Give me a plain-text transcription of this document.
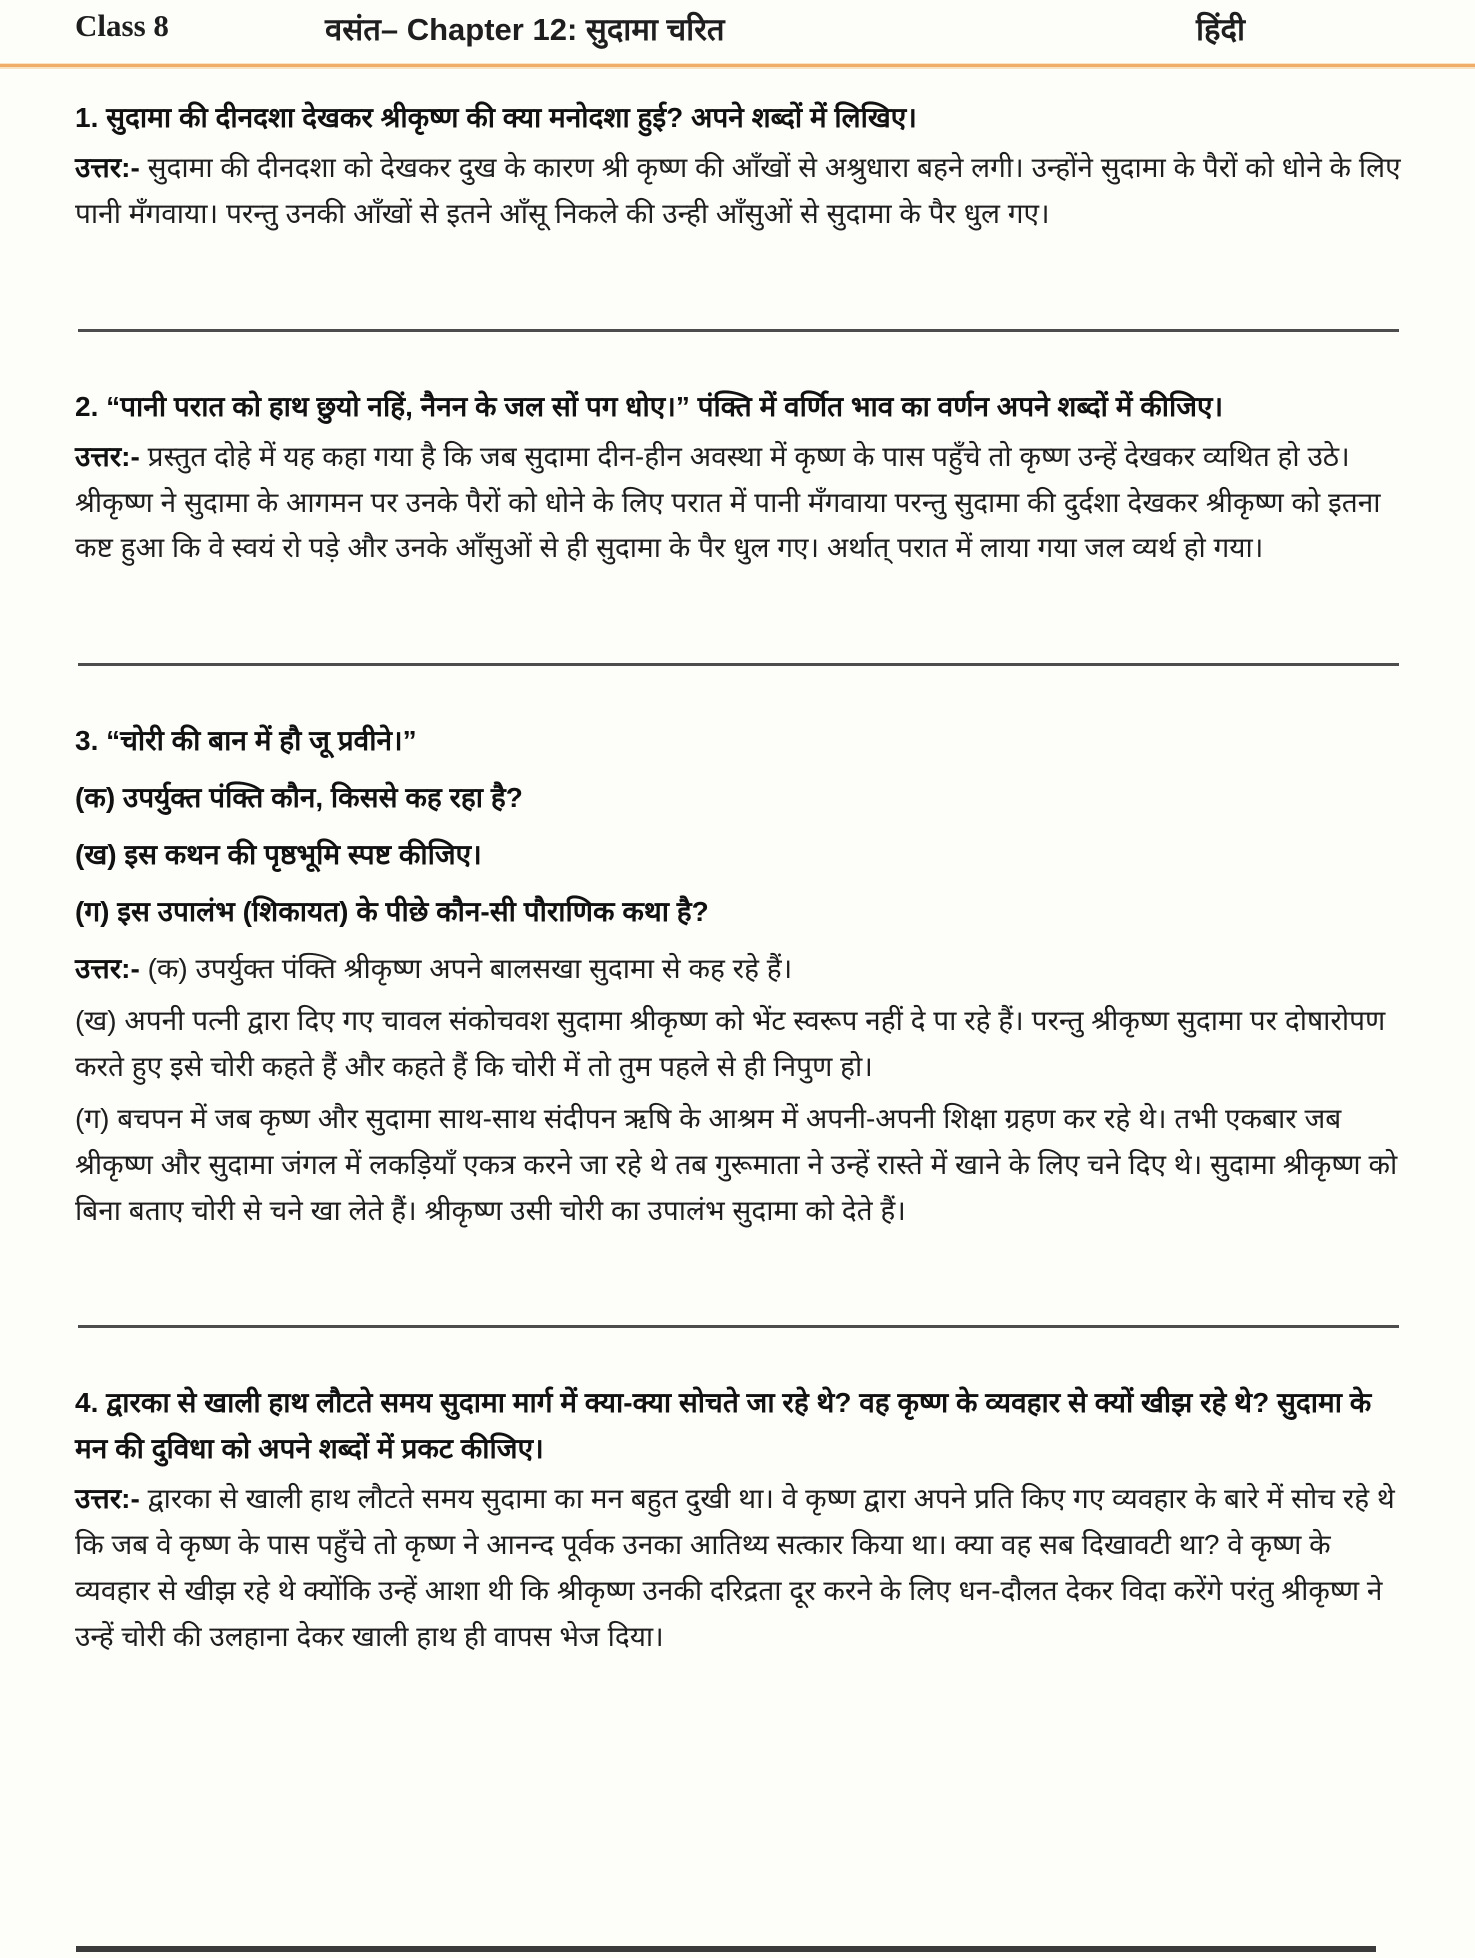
Class 8	वसंत– Chapter 12: सुदामा चरित	हिंदी

1. सुदामा की दीनदशा देखकर श्रीकृष्ण की क्या मनोदशा हुई? अपने शब्दों में लिखिए।

उत्तर:- सुदामा की दीनदशा को देखकर दुख के कारण श्री कृष्ण की आँखों से अश्रुधारा बहने लगी। उन्होंने सुदामा के पैरों को धोने के लिए पानी मँगवाया। परन्तु उनकी आँखों से इतने आँसू निकले की उन्ही आँसुओं से सुदामा के पैर धुल गए।

2. “पानी परात को हाथ छुयो नहिं, नैनन के जल सों पग धोए।” पंक्ति में वर्णित भाव का वर्णन अपने शब्दों में कीजिए।

उत्तर:- प्रस्तुत दोहे में यह कहा गया है कि जब सुदामा दीन-हीन अवस्था में कृष्ण के पास पहुँचे तो कृष्ण उन्हें देखकर व्यथित हो उठे। श्रीकृष्ण ने सुदामा के आगमन पर उनके पैरों को धोने के लिए परात में पानी मँगवाया परन्तु सुदामा की दुर्दशा देखकर श्रीकृष्ण को इतना कष्ट हुआ कि वे स्वयं रो पड़े और उनके आँसुओं से ही सुदामा के पैर धुल गए। अर्थात् परात में लाया गया जल व्यर्थ हो गया।

3. “चोरी की बान में हौ जू प्रवीने।”
(क) उपर्युक्त पंक्ति कौन, किससे कह रहा है?
(ख) इस कथन की पृष्ठभूमि स्पष्ट कीजिए।
(ग) इस उपालंभ (शिकायत) के पीछे कौन-सी पौराणिक कथा है?

उत्तर:- (क) उपर्युक्त पंक्ति श्रीकृष्ण अपने बालसखा सुदामा से कह रहे हैं।

(ख) अपनी पत्नी द्वारा दिए गए चावल संकोचवश सुदामा श्रीकृष्ण को भेंट स्वरूप नहीं दे पा रहे हैं। परन्तु श्रीकृष्ण सुदामा पर दोषारोपण करते हुए इसे चोरी कहते हैं और कहते हैं कि चोरी में तो तुम पहले से ही निपुण हो।

(ग) बचपन में जब कृष्ण और सुदामा साथ-साथ संदीपन ऋषि के आश्रम में अपनी-अपनी शिक्षा ग्रहण कर रहे थे। तभी एकबार जब श्रीकृष्ण और सुदामा जंगल में लकड़ियाँ एकत्र करने जा रहे थे तब गुरूमाता ने उन्हें रास्ते में खाने के लिए चने दिए थे। सुदामा श्रीकृष्ण को बिना बताए चोरी से चने खा लेते हैं। श्रीकृष्ण उसी चोरी का उपालंभ सुदामा को देते हैं।

4. द्वारका से खाली हाथ लौटते समय सुदामा मार्ग में क्या-क्या सोचते जा रहे थे? वह कृष्ण के व्यवहार से क्यों खीझ रहे थे? सुदामा के मन की दुविधा को अपने शब्दों में प्रकट कीजिए।

उत्तर:- द्वारका से खाली हाथ लौटते समय सुदामा का मन बहुत दुखी था। वे कृष्ण द्वारा अपने प्रति किए गए व्यवहार के बारे में सोच रहे थे कि जब वे कृष्ण के पास पहुँचे तो कृष्ण ने आनन्द पूर्वक उनका आतिथ्य सत्कार किया था। क्या वह सब दिखावटी था? वे कृष्ण के व्यवहार से खीझ रहे थे क्योंकि उन्हें आशा थी कि श्रीकृष्ण उनकी दरिद्रता दूर करने के लिए धन-दौलत देकर विदा करेंगे परंतु श्रीकृष्ण ने उन्हें चोरी की उलहाना देकर खाली हाथ ही वापस भेज दिया।
